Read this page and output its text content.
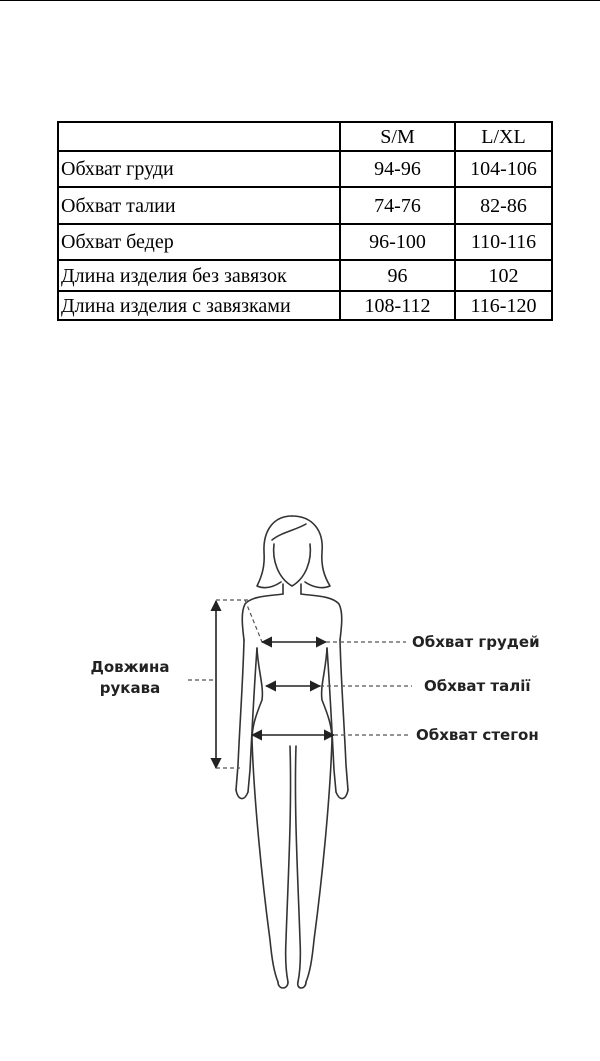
	S/M	L/XL
Обхват груди	94-96	104-106
Обхват талии	74-76	82-86
Обхват бедер	96-100	110-116
Длина изделия без завязок	96	102
Длина изделия с завязками	108-112	116-120
Довжина
рукава
Обхват грудей
Обхват талії
Обхват стегон
